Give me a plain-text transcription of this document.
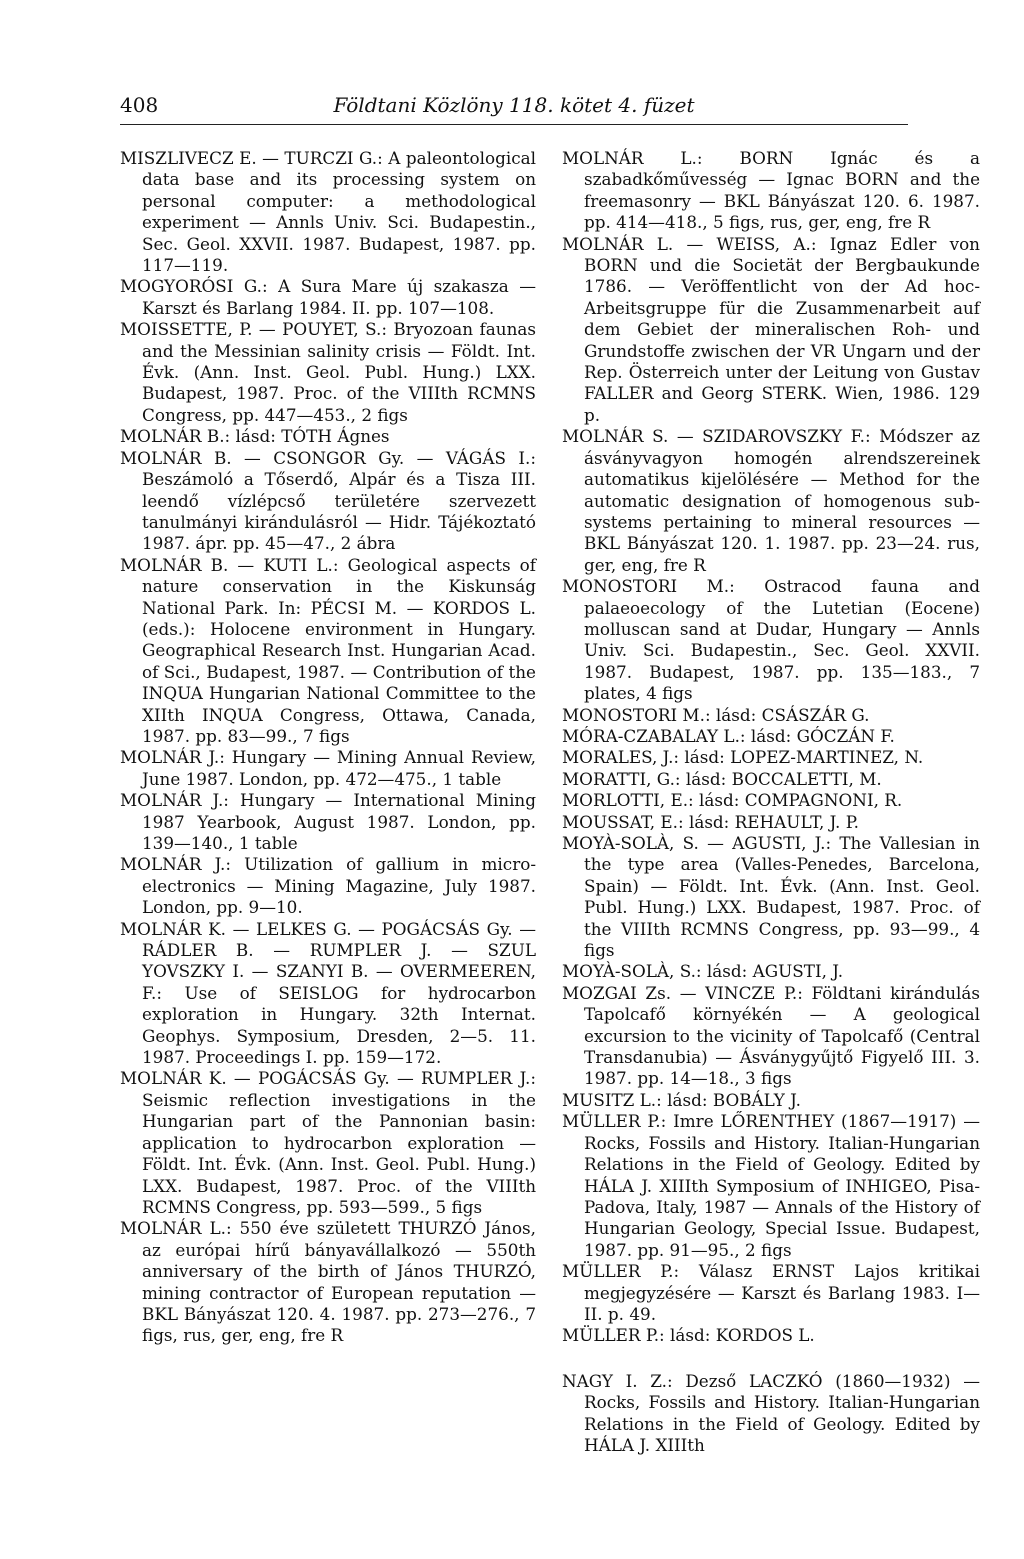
408	Földtani Közlöny 118. kötet 4. füzet

MISZLIVECZ E. — TURCZI G.: A paleontological data base and its processing system on personal computer: a methodological experiment — Annls Univ. Sci. Budapestin., Sec. Geol. XXVII. 1987. Budapest, 1987. pp. 117—119.

MOGYORÓSI G.: A Sura Mare új szakasza — Karszt és Barlang 1984. II. pp. 107—108.

MOISSETTE, P. — POUYET, S.: Bryozoan faunas and the Messinian salinity crisis — Földt. Int. Évk. (Ann. Inst. Geol. Publ. Hung.) LXX. Budapest, 1987. Proc. of the VIIIth RCMNS Congress, pp. 447—453., 2 figs

MOLNÁR B.: lásd: TÓTH Ágnes

MOLNÁR B. — CSONGOR Gy. — VÁGÁS I.: Beszámoló a Tőserdő, Alpár és a Tisza III. leendő vízlépcső területére szervezett tanulmányi kirándulásról — Hidr. Tájékoztató 1987. ápr. pp. 45—47., 2 ábra

MOLNÁR B. — KUTI L.: Geological aspects of nature conservation in the Kiskunság National Park. In: PÉCSI M. — KORDOS L. (eds.): Holocene environment in Hungary. Geographical Research Inst. Hungarian Acad. of Sci., Budapest, 1987. — Contribution of the INQUA Hungarian National Committee to the XIIth INQUA Congress, Ottawa, Canada, 1987. pp. 83—99., 7 figs

MOLNÁR J.: Hungary — Mining Annual Review, June 1987. London, pp. 472—475., 1 table

MOLNÁR J.: Hungary — International Mining 1987 Yearbook, August 1987. London, pp. 139—140., 1 table

MOLNÁR J.: Utilization of gallium in micro-electronics — Mining Magazine, July 1987. London, pp. 9—10.

MOLNÁR K. — LELKES G. — POGÁCSÁS Gy. — RÁDLER B. — RUMPLER J. — SZUL YOVSZKY I. — SZANYI B. — OVERMEEREN, F.: Use of SEISLOG for hydrocarbon exploration in Hungary. 32th Internat. Geophys. Symposium, Dresden, 2—5. 11. 1987. Proceedings I. pp. 159—172.

MOLNÁR K. — POGÁCSÁS Gy. — RUMPLER J.: Seismic reflection investigations in the Hungarian part of the Pannonian basin: application to hydrocarbon exploration — Földt. Int. Évk. (Ann. Inst. Geol. Publ. Hung.) LXX. Budapest, 1987. Proc. of the VIIIth RCMNS Congress, pp. 593—599., 5 figs

MOLNÁR L.: 550 éve született THURZÓ János, az európai hírű bányavállalkozó — 550th anniversary of the birth of János THURZÓ, mining contractor of European reputation — BKL Bányászat 120. 4. 1987. pp. 273—276., 7 figs, rus, ger, eng, fre R

MOLNÁR L.: BORN Ignác és a szabadkőművesség — Ignac BORN and the freemasonry — BKL Bányászat 120. 6. 1987. pp. 414—418., 5 figs, rus, ger, eng, fre R

MOLNÁR L. — WEISS, A.: Ignaz Edler von BORN und die Societät der Bergbaukunde 1786. — Veröffentlicht von der Ad hoc-Arbeitsgruppe für die Zusammenarbeit auf dem Gebiet der mineralischen Roh- und Grundstoffe zwischen der VR Ungarn und der Rep. Österreich unter der Leitung von Gustav FALLER and Georg STERK. Wien, 1986. 129 p.

MOLNÁR S. — SZIDAROVSZKY F.: Módszer az ásványvagyon homogén alrendszereinek automatikus kijelölésére — Method for the automatic designation of homogenous sub-systems pertaining to mineral resources — BKL Bányászat 120. 1. 1987. pp. 23—24. rus, ger, eng, fre R

MONOSTORI M.: Ostracod fauna and palaeoecology of the Lutetian (Eocene) molluscan sand at Dudar, Hungary — Annls Univ. Sci. Budapestin., Sec. Geol. XXVII. 1987. Budapest, 1987. pp. 135—183., 7 plates, 4 figs

MONOSTORI M.: lásd: CSÁSZÁR G.

MÓRA-CZABALAY L.: lásd: GÓCZÁN F.

MORALES, J.: lásd: LOPEZ-MARTINEZ, N.

MORATTI, G.: lásd: BOCCALETTI, M.

MORLOTTI, E.: lásd: COMPAGNONI, R.

MOUSSAT, E.: lásd: REHAULT, J. P.

MOYÀ-SOLÀ, S. — AGUSTI, J.: The Vallesian in the type area (Valles-Penedes, Barcelona, Spain) — Földt. Int. Évk. (Ann. Inst. Geol. Publ. Hung.) LXX. Budapest, 1987. Proc. of the VIIIth RCMNS Congress, pp. 93—99., 4 figs

MOYÀ-SOLÀ, S.: lásd: AGUSTI, J.

MOZGAI Zs. — VINCZE P.: Földtani kirándulás Tapolcafő környékén — A geological excursion to the vicinity of Tapolcafő (Central Transdanubia) — Ásványgyűjtő Figyelő III. 3. 1987. pp. 14—18., 3 figs

MUSITZ L.: lásd: BOBÁLY J.

MÜLLER P.: Imre LŐRENTHEY (1867—1917) — Rocks, Fossils and History. Italian-Hungarian Relations in the Field of Geology. Edited by HÁLA J. XIIIth Symposium of INHIGEO, Pisa-Padova, Italy, 1987 — Annals of the History of Hungarian Geology, Special Issue. Budapest, 1987. pp. 91—95., 2 figs

MÜLLER P.: Válasz ERNST Lajos kritikai megjegyzésére — Karszt és Barlang 1983. I—II. p. 49.

MÜLLER P.: lásd: KORDOS L.

NAGY I. Z.: Dezső LACZKÓ (1860—1932) — Rocks, Fossils and History. Italian-Hungarian Relations in the Field of Geology. Edited by HÁLA J. XIIIth
